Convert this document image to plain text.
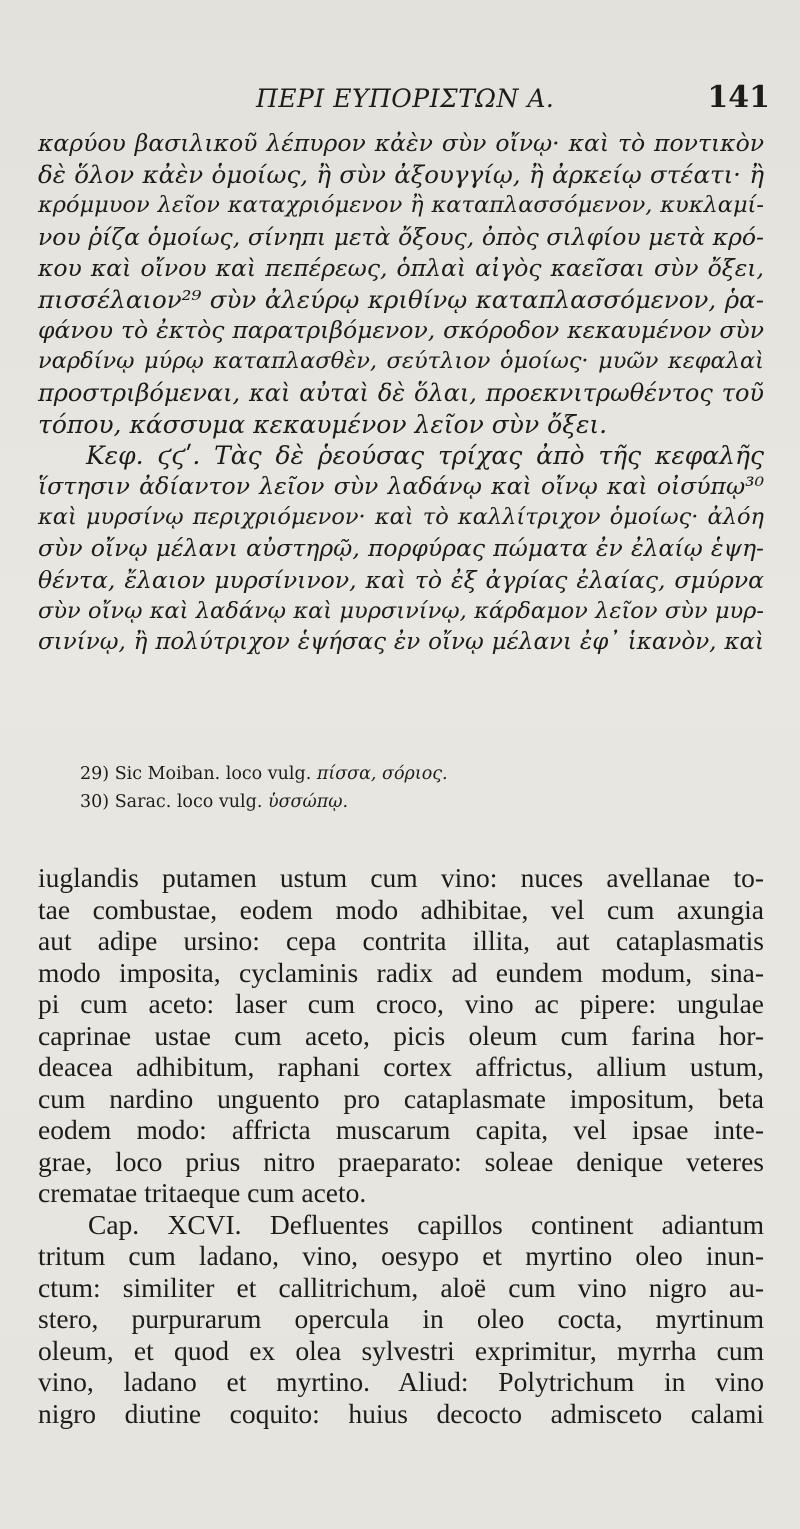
ΠΕΡΙ ΕΥΠΟΡΙΣΤΩΝ Α.	141

καρύου βασιλικοῦ λέπυρον κἀὲν σὺν οἴνῳ· καὶ τὸ ποντικὸν

δὲ ὅλον κἀὲν ὁμοίως, ἢ σὺν ἀξουγγίῳ, ἢ ἀρκείῳ στέατι· ἢ

κρόμμυον λεῖον καταχριόμενον ἢ καταπλασσόμενον, κυκλαμί-

νου ῥίζα ὁμοίως, σίνηπι μετὰ ὄξους, ὀπὸς σιλφίου μετὰ κρό-

κου καὶ οἴνου καὶ πεπέρεως, ὁπλαὶ αἰγὸς καεῖσαι σὺν ὄξει,

πισσέλαιον²⁹ σὺν ἀλεύρῳ κριθίνῳ καταπλασσόμενον, ῥα-

φάνου τὸ ἐκτὸς παρατριβόμενον, σκόροδον κεκαυμένον σὺν

ναρδίνῳ μύρῳ καταπλασθὲν, σεύτλιον ὁμοίως· μυῶν κεφαλαὶ

προστριβόμεναι, καὶ αὐταὶ δὲ ὅλαι, προεκνιτρωθέντος τοῦ

τόπου, κάσσυμα κεκαυμένον λεῖον σὺν ὄξει.

Κεφ. ϛϛʹ. Τὰς δὲ ῥεούσας τρίχας ἀπὸ τῆς κεφαλῆς

ἵστησιν ἀδίαντον λεῖον σὺν λαδάνῳ καὶ οἴνῳ καὶ οἰσύπῳ³⁰

καὶ μυρσίνῳ περιχριόμενον· καὶ τὸ καλλίτριχον ὁμοίως· ἀλόη

σὺν οἴνῳ μέλανι αὐστηρῷ, πορφύρας πώματα ἐν ἐλαίῳ ἑψη-

θέντα, ἔλαιον μυρσίνινον, καὶ τὸ ἐξ ἀγρίας ἐλαίας, σμύρνα

σὺν οἴνῳ καὶ λαδάνῳ καὶ μυρσινίνῳ, κάρδαμον λεῖον σὺν μυρ-

σινίνῳ, ἢ πολύτριχον ἑψήσας ἐν οἴνῳ μέλανι ἐφ᾽ ἱκανὸν, καὶ

29) Sic Moiban. loco vulg. πίσσα, σόριος.

30) Sarac. loco vulg. ὑσσώπῳ.

iuglandis putamen ustum cum vino: nuces avellanae to-

tae combustae, eodem modo adhibitae, vel cum axungia

aut adipe ursino: cepa contrita illita, aut cataplasmatis

modo imposita, cyclaminis radix ad eundem modum, sina-

pi cum aceto: laser cum croco, vino ac pipere: ungulae

caprinae ustae cum aceto, picis oleum cum farina hor-

deacea adhibitum, raphani cortex affrictus, allium ustum,

cum nardino unguento pro cataplasmate impositum, beta

eodem modo: affricta muscarum capita, vel ipsae inte-

grae, loco prius nitro praeparato: soleae denique veteres

crematae tritaeque cum aceto.

Cap. XCVI. Defluentes capillos continent adiantum

tritum cum ladano, vino, oesypo et myrtino oleo inun-

ctum: similiter et callitrichum, aloë cum vino nigro au-

stero, purpurarum opercula in oleo cocta, myrtinum

oleum, et quod ex olea sylvestri exprimitur, myrrha cum

vino, ladano et myrtino. Aliud: Polytrichum in vino

nigro diutine coquito: huius decocto admisceto calami
